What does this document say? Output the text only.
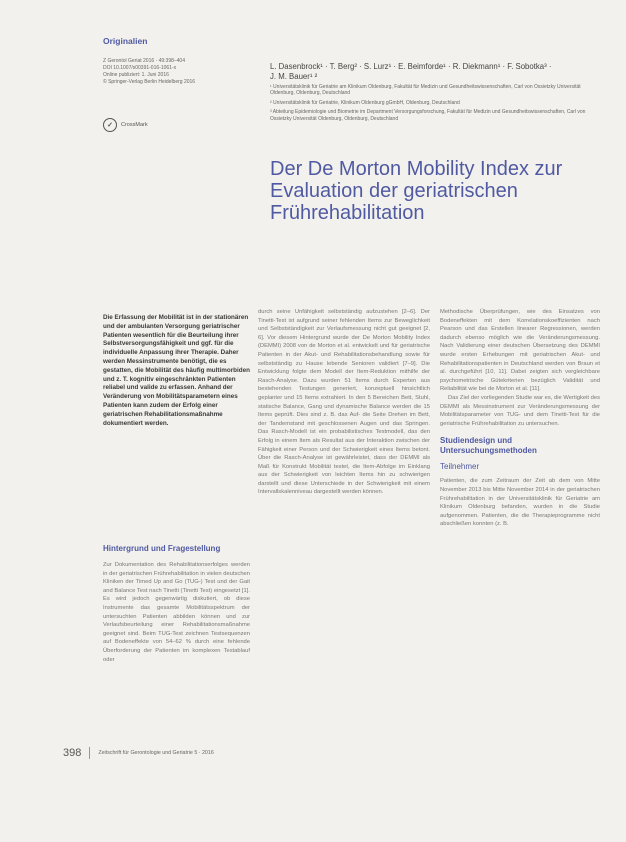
Originalien
Z Gerontol Geriat 2016 · 49:398–404
DOI 10.1007/s00391-016-1061-x
Online publiziert: 1. Juni 2016
© Springer-Verlag Berlin Heidelberg 2016
✓	CrossMark
L. Dasenbrock¹ · T. Berg² · S. Lurz¹ · E. Beimforde¹ · R. Diekmann¹ · F. Sobotka³ ·
J. M. Bauer¹ ²

¹ Universitätsklinik für Geriatrie am Klinikum Oldenburg, Fakultät für Medizin und Gesundheitswissenschaften, Carl von Ossietzky Universität Oldenburg, Oldenburg, Deutschland

² Universitätsklinik für Geriatrie, Klinikum Oldenburg gGmbH, Oldenburg, Deutschland

³ Abteilung Epidemiologie und Biometrie im Department Versorgungsforschung, Fakultät für Medizin und Gesundheitswissenschaften, Carl von Ossietzky Universität Oldenburg, Oldenburg, Deutschland

Der De Morton Mobility Index zur
Evaluation der geriatrischen
Frührehabilitation
Die Erfassung der Mobilität ist in der stationären und der ambulanten Versorgung geriatrischer Patienten wesentlich für die Beurteilung ihrer Selbstversorgungsfähigkeit und ggf. für die individuelle Anpassung ihrer Therapie. Daher werden Messinstrumente benötigt, die es gestatten, die Mobilität des häufig multimorbiden und z. T. kognitiv eingeschränkten Patienten reliabel und valide zu erfassen. Anhand der Veränderung von Mobilitätsparametern eines Patienten kann zudem der Erfolg einer geriatrischen Rehabilitationsmaßnahme dokumentiert werden.
Hintergrund und Fragestellung
Zur Dokumentation des Rehabilitationserfolges werden in der geriatrischen Frührehabilitation in vielen deutschen Kliniken der Timed Up and Go (TUG-) Test und der Gait and Balance Test nach Tinetti (Tinetti Test) eingesetzt [1]. Es wird jedoch gegenwärtig diskutiert, ob diese Instrumente das gesamte Mobilitätsspektrum der untersuchten Patienten abbilden können und zur Verlaufsbeurteilung einer Rehabilitationsmaßnahme geeignet sind. Beim TUG-Test zeichnen Testsequenzen auf Bodeneffekte von 54–62 % durch eine fehlende Überforderung der Patienten im komplexen Testablauf oder
durch seine Unfähigkeit selbstständig aufzustehen [2–6]. Der Tinetti-Test ist aufgrund seiner fehlenden Items zur Beweglichkeit und Selbstständigkeit zur Verlaufsmessung nicht gut geeignet [2, 6]. Vor diesem Hintergrund wurde der De Morton Mobility Index (DEMMI) 2008 von de Morton et al. entwickelt und für geriatrische Patienten in der Akut- und Rehabilitationsbehandlung sowie für selbstständig zu Hause lebende Senioren validiert [7–9]. Die Entwicklung folgte dem Modell der Item-Reduktion mithilfe der Rasch-Analyse. Dazu wurden 51 Items durch Experten aus bestehenden Testungen generiert, konzeptuell hinsichtlich geplanter und 15 Items extrahiert. In den 5 Bereichen Bett, Stuhl, statische Balance, Gang und dynamische Balance werden die 15 Items geprüft. Dies sind z. B. das Auf- die Seite Drehen im Bett, der Tandemstand mit geschlossenen Augen und das Springen. Das Rasch-Modell ist ein probabilistisches Testmodell, das den Erfolg in einem Item als Resultat aus der Interaktion zwischen der Fähigkeit einer Person und der Schwierigkeit eines Items betont. Über die Rasch-Analyse ist gewährleistet, dass der DEMMI als Maß für Konstrukt Mobilität testet, die Item-Abfolge im Einklang aus der Schwierigkeit von leichten Items hin zu schwierigen darstellt und diese Unterschiede in der Schwierigkeit mit einem Intervallskalenniveau dargestellt werden können.
Methodische Überprüfungen, wie des Einsatzes von Bodeneffekten mit dem Korrelationskoeffizienten nach Pearson und das Erstellen linearer Regressionen, werden dadurch ebenso möglich wie die Veränderungsmessung. Nach Validierung einer deutschen Übersetzung des DEMMI wurde ersten Erhebungen mit geriatrischen Akut- und Rehabilitationspatienten in Deutschland werden von Braun et al. durchgeführt [10, 11]. Dabei zeigten sich vergleichbare psychometrische Gütekriterien bezüglich Validität und Reliabilität wie bei de Morton et al. [11].
Das Ziel der vorliegenden Studie war es, die Wertigkeit des DEMMI als Messinstrument zur Veränderungsmessung der Mobilitätsparameter von TUG- und dem Tinetti-Test für die geriatrische Frührehabilitation zu untersuchen.
Studiendesign und
Untersuchungsmethoden
Teilnehmer
Patienten, die zum Zeitraum der Zeit ab dem von Mitte November 2013 bis Mitte November 2014 in der geriatrischen Frührehabilitation in der Universitätsklinik für Geriatrie am Klinikum Oldenburg befanden, wurden in die Studie aufgenommen. Patienten, die die Therapieprogramme nicht abschließen konnten (z. B.
398	Zeitschrift für Gerontologie und Geriatrie 5 · 2016
